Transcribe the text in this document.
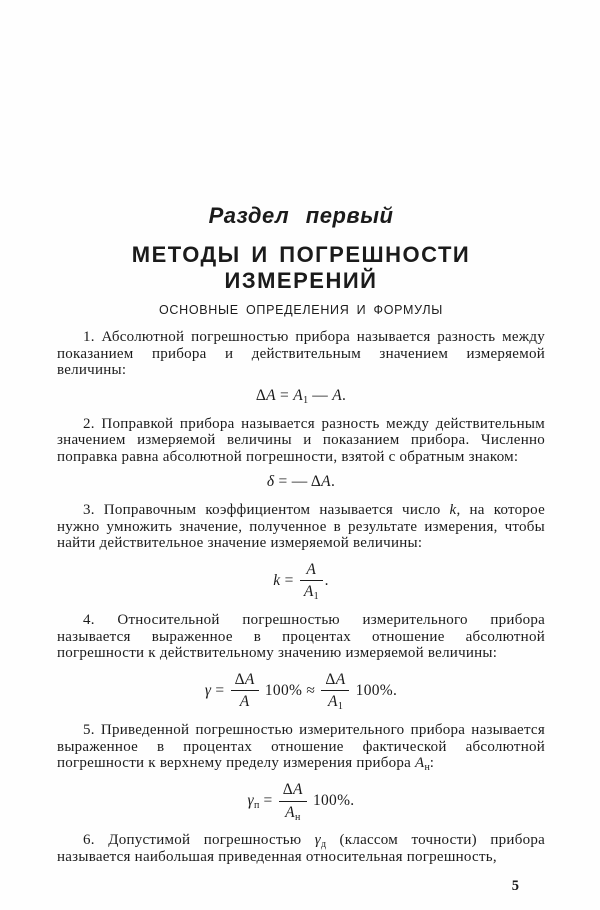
Раздел первый
МЕТОДЫ И ПОГРЕШНОСТИ ИЗМЕРЕНИЙ
ОСНОВНЫЕ ОПРЕДЕЛЕНИЯ И ФОРМУЛЫ

1. Абсолютной погрешностью прибора называется разность между показанием прибора и действительным значением измеряемой величины:

$\Delta A = A_1$ — A.

2. Поправкой прибора называется разность между действительным значением измеряемой величины и показанием прибора. Численно поправка равна абсолютной погрешности, взятой с обратным знаком:

δ = — ΔA.

3. Поправочным коэффициентом называется число k, на которое нужно умножить значение, полученное в результате измерения, чтобы найти действительное значение измеряемой величины:

$k = \frac{A}{A_1}$ .

4. Относительной погрешностью измерительного прибора называется выраженное в процентах отношение абсолютной погрешности к действительному значению измеряемой величины:

$\gamma = \frac{\Delta A}{A} 100\% \approx \frac{\Delta A}{A_1} 100\%$.

5. Приведенной погрешностью измерительного прибора называется выраженное в процентах отношение фактической абсолютной погрешности к верхнему пределу измерения прибора $A_н$:

$\gamma_п = \frac{\Delta A}{A_н} 100\%$.

6. Допустимой погрешностью $\gamma_д$ (классом точности) прибора называется наибольшая приведенная относительная погрешность,

5
